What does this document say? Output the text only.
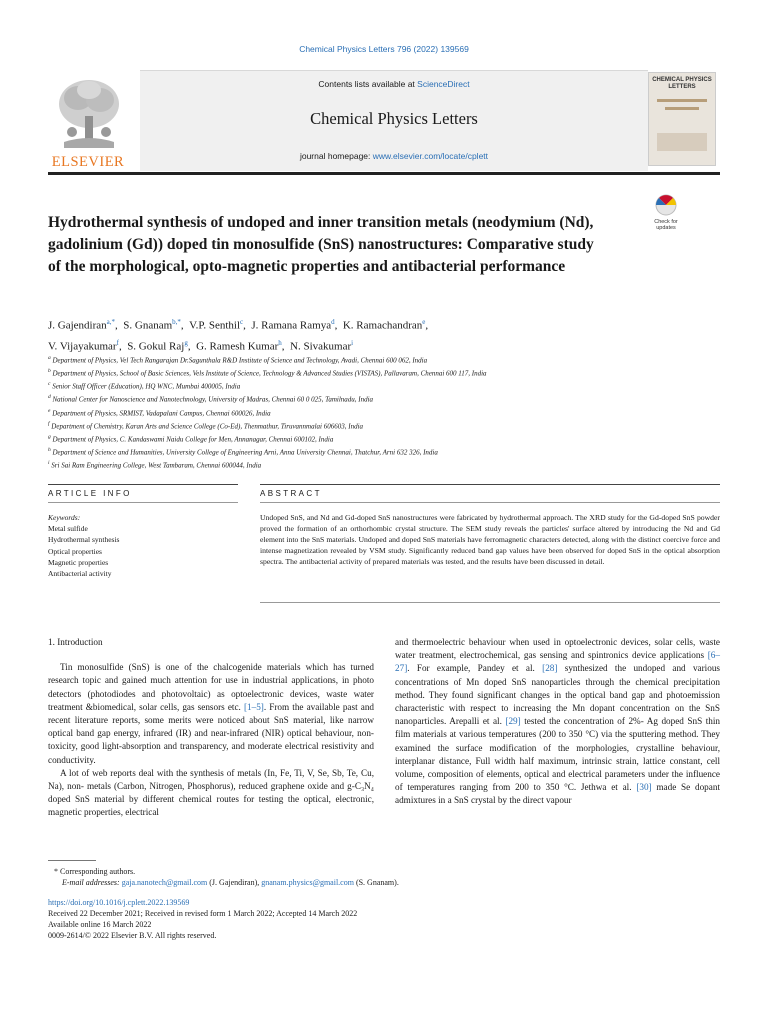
Chemical Physics Letters 796 (2022) 139569
ELSEVIER
Contents lists available at ScienceDirect
Chemical Physics Letters
journal homepage: www.elsevier.com/locate/cplett
CHEMICAL PHYSICS LETTERS
Check for
updates
Hydrothermal synthesis of undoped and inner transition metals (neodymium (Nd), gadolinium (Gd)) doped tin monosulfide (SnS) nanostructures: Comparative study of the morphological, opto-magnetic properties and antibacterial performance
J. Gajendiran$^{a,*}$,  S. Gnanam$^{b,*}$,  V.P. Senthil$^c$,  J. Ramana Ramya$^d$,  K. Ramachandran$^e$,
V. Vijayakumar$^f$,  S. Gokul Raj$^g$,  G. Ramesh Kumar$^h$,  N. Sivakumar$^i$
$^a$ Department of Physics, Vel Tech Rangarajan Dr.Sagunthala R&D Institute of Science and Technology, Avadi, Chennai 600 062, India
$^b$ Department of Physics, School of Basic Sciences, Vels Institute of Science, Technology & Advanced Studies (VISTAS), Pallavaram, Chennai 600 117, India
$^c$ Senior Staff Officer (Education), HQ WNC, Mumbai 400005, India
$^d$ National Center for Nanoscience and Nanotechnology, University of Madras, Chennai 60 0 025, Tamilnadu, India
$^e$ Department of Physics, SRMIST, Vadapalani Campus, Chennai 600026, India
$^f$ Department of Chemistry, Karan Arts and Science College (Co-Ed), Thenmathur, Tiruvannmalai 606603, India
$^g$ Department of Physics, C. Kandaswami Naidu College for Men, Annanagar, Chennai 600102, India
$^h$ Department of Science and Humanities, University College of Engineering Arni, Anna University Chennai, Thatchur, Arni 632 326, India
$^i$ Sri Sai Ram Engineering College, West Tambaram, Chennai 600044, India
ARTICLE INFO	ABSTRACT
Keywords:
Metal sulfide
Hydrothermal synthesis
Optical properties
Magnetic properties
Antibacterial activity
Undoped SnS, and Nd and Gd-doped SnS nanostructures were fabricated by hydrothermal approach. The XRD study for the Gd-doped SnS powder proved the formation of an orthorhombic crystal structure. The SEM study reveals the particles' surface altered by introducing the Nd and Gd element into the SnS materials. Undoped and doped SnS materials have ferromagnetic characters detected, along with the distinct coercive force and intense magnetization revealed by VSM study. Significantly reduced band gap values have been observed for doped SnS in the optical absorption spectra. The antibacterial activity of prepared materials was tested, and the results have been discussed in detail.
1. Introduction

Tin monosulfide (SnS) is one of the chalcogenide materials which has turned research topic and gained much attention for use in industrial applications, in photo detectors (photodiodes and photovoltaic) as optoelectronic devices, waste water treatment &biomedical, solar cells, gas sensors etc. [1–5]. From the available past and recent literature reports, some merits were noticed about SnS material, like narrow optical band gap energy, infrared (IR) and near-infrared (NIR) optical behaviour, non-toxicity, good light-absorption and transparency, and moderate electrical resistivity and conductivity.

A lot of web reports deal with the synthesis of metals (In, Fe, Ti, V, Se, Sb, Te, Cu, Na), non- metals (Carbon, Nitrogen, Phosphorus), reduced graphene oxide and g-C₃N₄ doped SnS material by different chemical routes for testing the optical, electronic, magnetic properties, electrical

and thermoelectric behaviour when used in optoelectronic devices, solar cells, waste water treatment, electrochemical, gas sensing and spintronics device applications [6–27]. For example, Pandey et al. [28] synthesized the undoped and various concentrations of Mn doped SnS nanoparticles through the chemical precipitation method. They found significant changes in the optical band gap and photoemission characteristic with respect to increasing the Mn dopant concentration on the SnS nanoparticles. Arepalli et al. [29] tested the concentration of 2%- Ag doped SnS thin film materials at various temperatures (200 to 350 °C) via the sputtering method. They examined the surface modification of the morphologies, crystalline behaviour, interplanar distance, Full width half maximum, intrinsic strain, lattice constant, cell volume, composition of elements, optical and electrical parameters under the influence of temperatures ranging from 200 to 350 °C. Jethwa et al. [30] made Se dopant admixtures in a SnS crystal by the direct vapour

* Corresponding authors.
E-mail addresses: gaja.nanotech@gmail.com (J. Gajendiran), gnanam.physics@gmail.com (S. Gnanam).
https://doi.org/10.1016/j.cplett.2022.139569
Received 22 December 2021; Received in revised form 1 March 2022; Accepted 14 March 2022
Available online 16 March 2022
0009-2614/© 2022 Elsevier B.V. All rights reserved.
